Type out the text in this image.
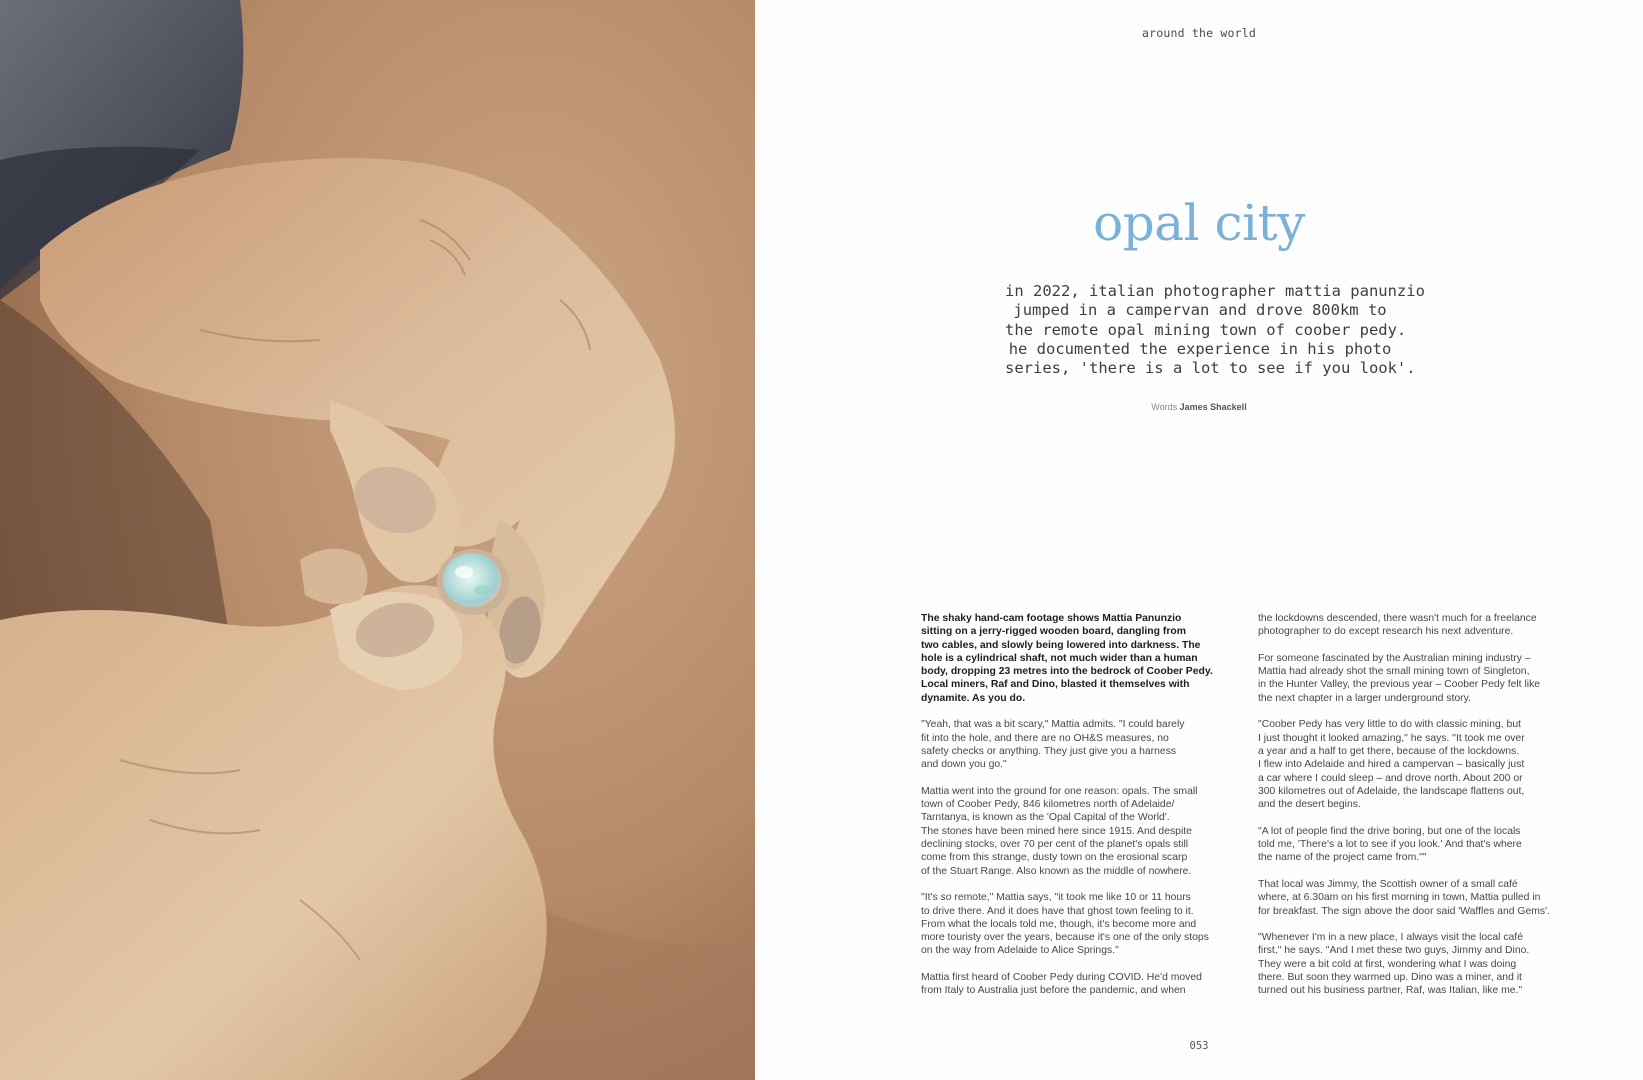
around the world
opal city

in 2022, italian photographer mattia panunzio
jumped in a campervan and drove 800km to
the remote opal mining town of coober pedy.
he documented the experience in his photo
series, 'there is a lot to see if you look'.

Words James Shackell

The shaky hand-cam footage shows Mattia Panunzio
sitting on a jerry-rigged wooden board, dangling from
two cables, and slowly being lowered into darkness. The
hole is a cylindrical shaft, not much wider than a human
body, dropping 23 metres into the bedrock of Coober Pedy.
Local miners, Raf and Dino, blasted it themselves with
dynamite. As you do.

"Yeah, that was a bit scary," Mattia admits. "I could barely
fit into the hole, and there are no OH&S measures, no
safety checks or anything. They just give you a harness
and down you go."

Mattia went into the ground for one reason: opals. The small
town of Coober Pedy, 846 kilometres north of Adelaide/
Tarntanya, is known as the 'Opal Capital of the World'.
The stones have been mined here since 1915. And despite
declining stocks, over 70 per cent of the planet's opals still
come from this strange, dusty town on the erosional scarp
of the Stuart Range. Also known as the middle of nowhere.

"It's so remote," Mattia says, "it took me like 10 or 11 hours
to drive there. And it does have that ghost town feeling to it.
From what the locals told me, though, it's become more and
more touristy over the years, because it's one of the only stops
on the way from Adelaide to Alice Springs."

Mattia first heard of Coober Pedy during COVID. He'd moved
from Italy to Australia just before the pandemic, and when

the lockdowns descended, there wasn't much for a freelance
photographer to do except research his next adventure.

For someone fascinated by the Australian mining industry –
Mattia had already shot the small mining town of Singleton,
in the Hunter Valley, the previous year – Coober Pedy felt like
the next chapter in a larger underground story.

"Coober Pedy has very little to do with classic mining, but
I just thought it looked amazing," he says. "It took me over
a year and a half to get there, because of the lockdowns.
I flew into Adelaide and hired a campervan – basically just
a car where I could sleep – and drove north. About 200 or
300 kilometres out of Adelaide, the landscape flattens out,
and the desert begins.

"A lot of people find the drive boring, but one of the locals
told me, 'There's a lot to see if you look.' And that's where
the name of the project came from.""

That local was Jimmy, the Scottish owner of a small café
where, at 6.30am on his first morning in town, Mattia pulled in
for breakfast. The sign above the door said 'Waffles and Gems'.

"Whenever I'm in a new place, I always visit the local café
first," he says. "And I met these two guys, Jimmy and Dino.
They were a bit cold at first, wondering what I was doing
there. But soon they warmed up. Dino was a miner, and it
turned out his business partner, Raf, was Italian, like me."

053
